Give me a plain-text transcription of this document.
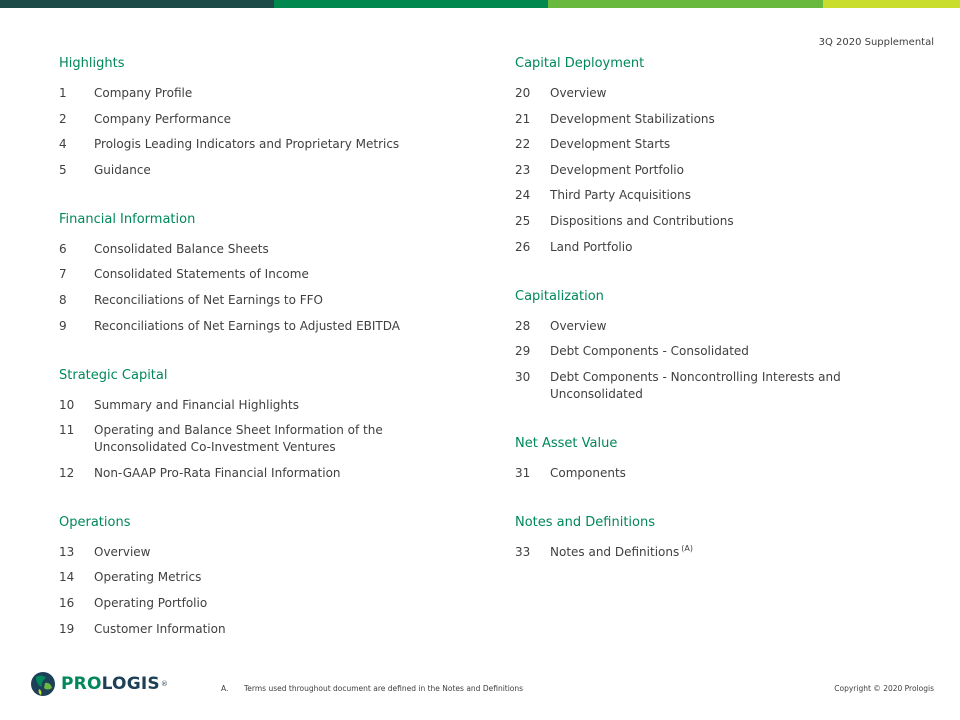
3Q 2020 Supplemental
Highlights
1	Company Profile
2	Company Performance
4	Prologis Leading Indicators and Proprietary Metrics
5	Guidance
Financial Information
6	Consolidated Balance Sheets
7	Consolidated Statements of Income
8	Reconciliations of Net Earnings to FFO
9	Reconciliations of Net Earnings to Adjusted EBITDA
Strategic Capital
10	Summary and Financial Highlights
11	Operating and Balance Sheet Information of the Unconsolidated Co-Investment Ventures
12	Non-GAAP Pro-Rata Financial Information
Operations
13	Overview
14	Operating Metrics
16	Operating Portfolio
19	Customer Information
Capital Deployment
20	Overview
21	Development Stabilizations
22	Development Starts
23	Development Portfolio
24	Third Party Acquisitions
25	Dispositions and Contributions
26	Land Portfolio
Capitalization
28	Overview
29	Debt Components - Consolidated
30	Debt Components - Noncontrolling Interests and Unconsolidated
Net Asset Value
31	Components
Notes and Definitions
33	Notes and Definitions $^{(A)}$
PROLOGIS ®	A.	Terms used throughout document are defined in the Notes and Definitions	Copyright © 2020 Prologis
